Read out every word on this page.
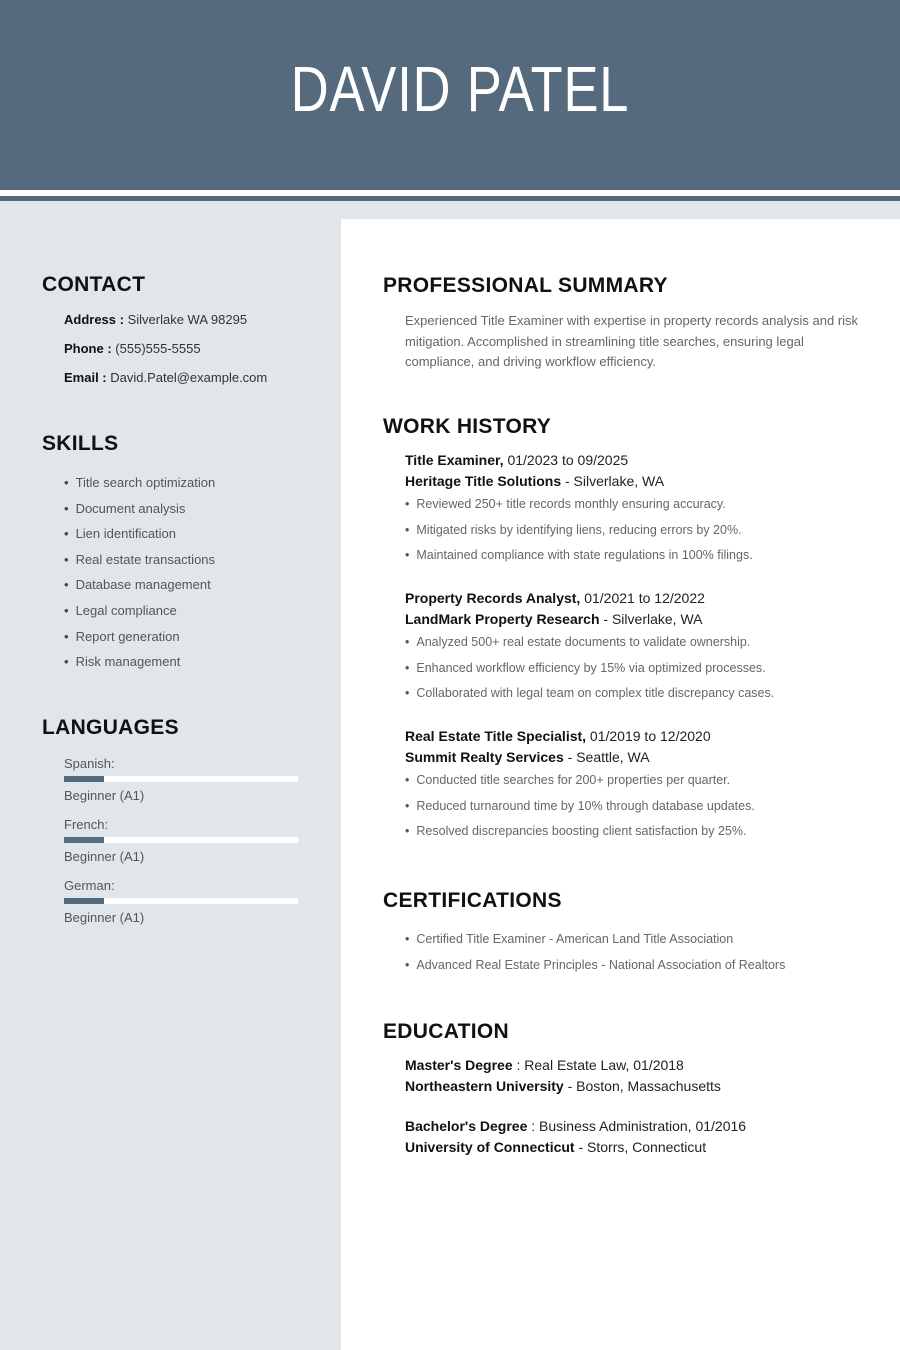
DAVID PATEL
CONTACT
Address : Silverlake WA 98295
Phone : (555)555-5555
Email : David.Patel@example.com
SKILLS
• Title search optimization
• Document analysis
• Lien identification
• Real estate transactions
• Database management
• Legal compliance
• Report generation
• Risk management
LANGUAGES
Spanish:
Beginner (A1)
French:
Beginner (A1)
German:
Beginner (A1)
PROFESSIONAL SUMMARY
Experienced Title Examiner with expertise in property records analysis and risk mitigation. Accomplished in streamlining title searches, ensuring legal compliance, and driving workflow efficiency.
WORK HISTORY
Title Examiner, 01/2023 to 09/2025
Heritage Title Solutions - Silverlake, WA
• Reviewed 250+ title records monthly ensuring accuracy.
• Mitigated risks by identifying liens, reducing errors by 20%.
• Maintained compliance with state regulations in 100% filings.
Property Records Analyst, 01/2021 to 12/2022
LandMark Property Research - Silverlake, WA
• Analyzed 500+ real estate documents to validate ownership.
• Enhanced workflow efficiency by 15% via optimized processes.
• Collaborated with legal team on complex title discrepancy cases.
Real Estate Title Specialist, 01/2019 to 12/2020
Summit Realty Services - Seattle, WA
• Conducted title searches for 200+ properties per quarter.
• Reduced turnaround time by 10% through database updates.
• Resolved discrepancies boosting client satisfaction by 25%.
CERTIFICATIONS
• Certified Title Examiner - American Land Title Association
• Advanced Real Estate Principles - National Association of Realtors
EDUCATION
Master's Degree : Real Estate Law, 01/2018
Northeastern University - Boston, Massachusetts
Bachelor's Degree : Business Administration, 01/2016
University of Connecticut - Storrs, Connecticut
